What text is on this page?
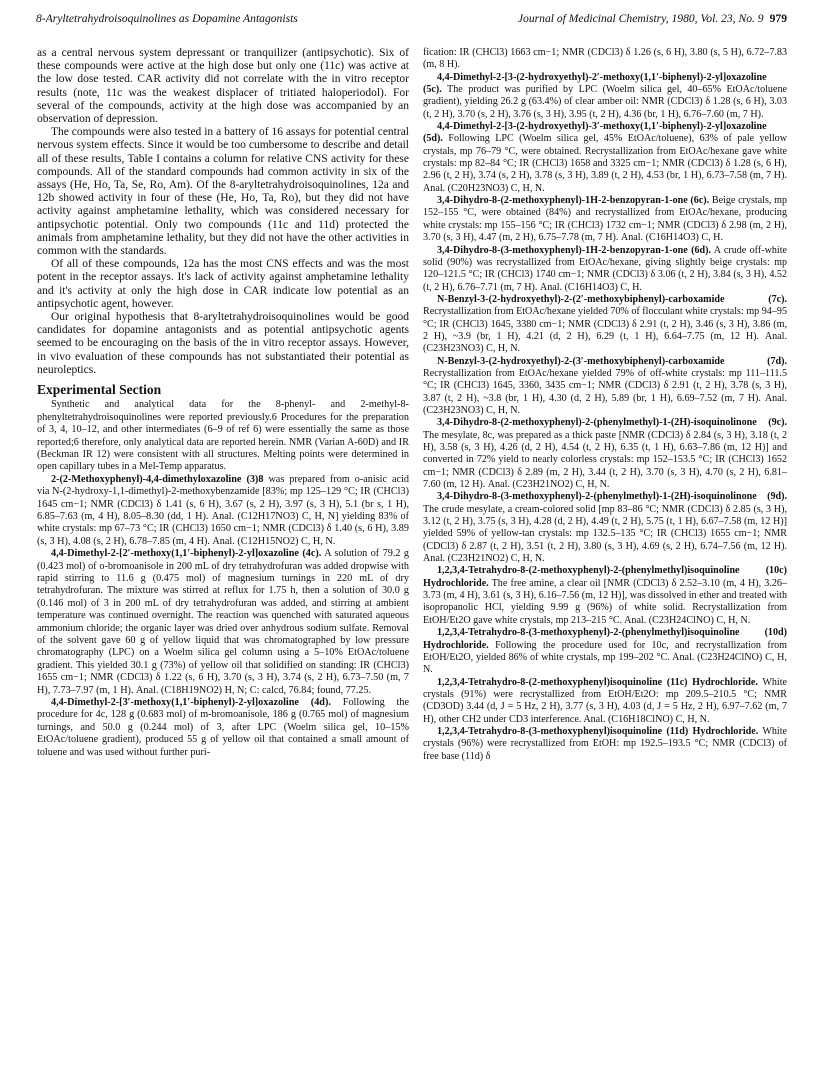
8-Aryltetrahydroisoquinolines as Dopamine Antagonists	Journal of Medicinal Chemistry, 1980, Vol. 23, No. 9 979

as a central nervous system depressant or tranquilizer (antipsychotic). Six of these compounds were active at the high dose but only one (11c) was active at the low dose tested. CAR activity did not correlate with the in vitro receptor results (note, 11c was the weakest displacer of tritiated haloperiodol). For several of the compounds, activity at the high dose was accompanied by an observation of depression.

The compounds were also tested in a battery of 16 assays for potential central nervous system effects. Since it would be too cumbersome to describe and detail all of these results, Table I contains a column for relative CNS activity for these compounds. All of the standard compounds had common activity in six of the assays (He, Ho, Ta, Se, Ro, Am). Of the 8-aryltetrahydroisoquinolines, 12a and 12b showed activity in four of these (He, Ho, Ta, Ro), but they did not have activity against amphetamine lethality, which was considered necessary for antipsychotic potential. Only two compounds (11c and 11d) protected the animals from amphetamine lethality, but they did not have the other activities in common with the standards.

Of all of these compounds, 12a has the most CNS effects and was the most potent in the receptor assays. It's lack of activity against amphetamine lethality and it's activity at only the high dose in CAR indicate low potential as an antipsychotic agent, however.

Our original hypothesis that 8-aryltetrahydroisoquinolines would be good candidates for dopamine antagonists and as potential antipsychotic agents seemed to be encouraging on the basis of the in vitro receptor assays. However, in vivo evaluation of these compounds has not substantiated their potential as neuroleptics.

Experimental Section

Synthetic and analytical data for the 8-phenyl- and 2-methyl-8-phenyltetrahydroisoquinolines were reported previously.6 Procedures for the preparation of 3, 4, 10–12, and other intermediates (6–9 of ref 6) were essentially the same as those reported;6 therefore, only analytical data are reported herein. NMR (Varian A-60D) and IR (Beckman IR 12) were consistent with all structures. Melting points were determined in open capillary tubes in a Mel-Temp apparatus.

2-(2-Methoxyphenyl)-4,4-dimethyloxazoline (3)8 was prepared from o-anisic acid via N-(2-hydroxy-1,1-dimethyl)-2-methoxybenzamide [83%; mp 125–129 °C; IR (CHCl3) 1645 cm−1; NMR (CDCl3) δ 1.41 (s, 6 H), 3.67 (s, 2 H), 3.97 (s, 3 H), 5.1 (br s, 1 H), 6.85–7.63 (m, 4 H), 8.05–8.30 (dd, 1 H). Anal. (C12H17NO3) C, H, N] yielding 83% of white crystals: mp 67–73 °C; IR (CHCl3) 1650 cm−1; NMR (CDCl3) δ 1.40 (s, 6 H), 3.89 (s, 3 H), 4.08 (s, 2 H), 6.78–7.85 (m, 4 H). Anal. (C12H15NO2) C, H, N.

4,4-Dimethyl-2-[2′-methoxy(1,1′-biphenyl)-2-yl]oxazoline (4c). A solution of 79.2 g (0.423 mol) of o-bromoanisole in 200 mL of dry tetrahydrofuran was added dropwise with rapid stirring to 11.6 g (0.475 mol) of magnesium turnings in 220 mL of dry tetrahydrofuran. The mixture was stirred at reflux for 1.75 h, then a solution of 30.0 g (0.146 mol) of 3 in 200 mL of dry tetrahydrofuran was added, and stirring at ambient temperature was continued overnight. The reaction was quenched with saturated aqueous ammonium chloride; the organic layer was dried over anhydrous sodium sulfate. Removal of the solvent gave 60 g of yellow liquid that was chromatographed by low pressure chromatography (LPC) on a Woelm silica gel column using a 5–10% EtOAc/toluene gradient. This yielded 30.1 g (73%) of yellow oil that solidified on standing: IR (CHCl3) 1655 cm−1; NMR (CDCl3) δ 1.22 (s, 6 H), 3.70 (s, 3 H), 3.74 (s, 2 H), 6.73–7.50 (m, 7 H), 7.73–7.97 (m, 1 H). Anal. (C18H19NO2) H, N; C: calcd, 76.84; found, 77.25.

4,4-Dimethyl-2-[3′-methoxy(1,1′-biphenyl)-2-yl]oxazoline (4d). Following the procedure for 4c, 128 g (0.683 mol) of m-bromoanisole, 186 g (0.765 mol) of magnesium turnings, and 50.0 g (0.244 mol) of 3, after LPC (Woelm silica gel, 10–15% EtOAc/toluene gradient), produced 55 g of yellow oil that contained a small amount of toluene and was used without further puri-

fication: IR (CHCl3) 1663 cm−1; NMR (CDCl3) δ 1.26 (s, 6 H), 3.80 (s, 5 H), 6.72–7.83 (m, 8 H).

4,4-Dimethyl-2-[3-(2-hydroxyethyl)-2′-methoxy(1,1′-biphenyl)-2-yl]oxazoline (5c). The product was purified by LPC (Woelm silica gel, 40–65% EtOAc/toluene gradient), yielding 26.2 g (63.4%) of clear amber oil: NMR (CDCl3) δ 1.28 (s, 6 H), 3.03 (t, 2 H), 3.70 (s, 2 H), 3.76 (s, 3 H), 3.95 (t, 2 H), 4.36 (br, 1 H), 6.76–7.60 (m, 7 H).

4,4-Dimethyl-2-[3-(2-hydroxyethyl)-3′-methoxy(1,1′-biphenyl)-2-yl]oxazoline (5d). Following LPC (Woelm silica gel, 45% EtOAc/toluene), 63% of pale yellow crystals, mp 76–79 °C, were obtained. Recrystallization from EtOAc/hexane gave white crystals: mp 82–84 °C; IR (CHCl3) 1658 and 3325 cm−1; NMR (CDCl3) δ 1.28 (s, 6 H), 2.96 (t, 2 H), 3.74 (s, 2 H), 3.78 (s, 3 H), 3.89 (t, 2 H), 4.53 (br, 1 H), 6.73–7.58 (m, 7 H). Anal. (C20H23NO3) C, H, N.

3,4-Dihydro-8-(2-methoxyphenyl)-1H-2-benzopyran-1-one (6c). Beige crystals, mp 152–155 °C, were obtained (84%) and recrystallized from EtOAc/hexane, producing white crystals: mp 155–156 °C; IR (CHCl3) 1732 cm−1; NMR (CDCl3) δ 2.98 (m, 2 H), 3.70 (s, 3 H), 4.47 (m, 2 H), 6.75–7.78 (m, 7 H). Anal. (C16H14O3) C, H.

3,4-Dihydro-8-(3-methoxyphenyl)-1H-2-benzopyran-1-one (6d). A crude off-white solid (90%) was recrystallized from EtOAc/hexane, giving slightly beige crystals: mp 120–121.5 °C; IR (CHCl3) 1740 cm−1; NMR (CDCl3) δ 3.06 (t, 2 H), 3.84 (s, 3 H), 4.52 (t, 2 H), 6.76–7.71 (m, 7 H). Anal. (C16H14O3) C, H.

N-Benzyl-3-(2-hydroxyethyl)-2-(2′-methoxybiphenyl)-carboxamide (7c). Recrystallization from EtOAc/hexane yielded 70% of flocculant white crystals: mp 94–95 °C; IR (CHCl3) 1645, 3380 cm−1; NMR (CDCl3) δ 2.91 (t, 2 H), 3.46 (s, 3 H), 3.86 (m, 2 H), ~3.9 (br, 1 H), 4.21 (d, 2 H), 6.29 (t, 1 H), 6.64–7.75 (m, 12 H). Anal. (C23H23NO3) C, H, N.

N-Benzyl-3-(2-hydroxyethyl)-2-(3′-methoxybiphenyl)-carboxamide (7d). Recrystallization from EtOAc/hexane yielded 79% of off-white crystals: mp 111–111.5 °C; IR (CHCl3) 1645, 3360, 3435 cm−1; NMR (CDCl3) δ 2.91 (t, 2 H), 3.78 (s, 3 H), 3.87 (t, 2 H), ~3.8 (br, 1 H), 4.30 (d, 2 H), 5.89 (br, 1 H), 6.69–7.52 (m, 7 H). Anal. (C23H23NO3) C, H, N.

3,4-Dihydro-8-(2-methoxyphenyl)-2-(phenylmethyl)-1-(2H)-isoquinolinone (9c). The mesylate, 8c, was prepared as a thick paste [NMR (CDCl3) δ 2.84 (s, 3 H), 3.18 (t, 2 H), 3.58 (s, 3 H), 4.26 (d, 2 H), 4.54 (t, 2 H), 6.35 (t, 1 H), 6.63–7.86 (m, 12 H)] and converted in 72% yield to nearly colorless crystals: mp 152–153.5 °C; IR (CHCl3) 1652 cm−1; NMR (CDCl3) δ 2.89 (m, 2 H), 3.44 (t, 2 H), 3.70 (s, 3 H), 4.70 (s, 2 H), 6.81–7.60 (m, 12 H). Anal. (C23H21NO2) C, H, N.

3,4-Dihydro-8-(3-methoxyphenyl)-2-(phenylmethyl)-1-(2H)-isoquinolinone (9d). The crude mesylate, a cream-colored solid [mp 83–86 °C; NMR (CDCl3) δ 2.85 (s, 3 H), 3.12 (t, 2 H), 3.75 (s, 3 H), 4.28 (d, 2 H), 4.49 (t, 2 H), 5.75 (t, 1 H), 6.67–7.58 (m, 12 H)] yielded 59% of yellow-tan crystals: mp 132.5–135 °C; IR (CHCl3) 1655 cm−1; NMR (CDCl3) δ 2.87 (t, 2 H), 3.51 (t, 2 H), 3.80 (s, 3 H), 4.69 (s, 2 H), 6.74–7.56 (m, 12 H). Anal. (C23H21NO2) C, H, N.

1,2,3,4-Tetrahydro-8-(2-methoxyphenyl)-2-(phenylmethyl)isoquinoline (10c) Hydrochloride. The free amine, a clear oil [NMR (CDCl3) δ 2.52–3.10 (m, 4 H), 3.26–3.73 (m, 4 H), 3.61 (s, 3 H), 6.16–7.56 (m, 12 H)], was dissolved in ether and treated with isopropanolic HCl, yielding 9.99 g (96%) of white solid. Recrystallization from EtOH/Et2O gave white crystals, mp 213–215 °C. Anal. (C23H24ClNO) C, H, N.

1,2,3,4-Tetrahydro-8-(3-methoxyphenyl)-2-(phenylmethyl)isoquinoline (10d) Hydrochloride. Following the procedure used for 10c, and recrystallization from EtOH/Et2O, yielded 86% of white crystals, mp 199–202 °C. Anal. (C23H24ClNO) C, H, N.

1,2,3,4-Tetrahydro-8-(2-methoxyphenyl)isoquinoline (11c) Hydrochloride. White crystals (91%) were recrystallized from EtOH/Et2O: mp 209.5–210.5 °C; NMR (CD3OD) 3.44 (d, J = 5 Hz, 2 H), 3.77 (s, 3 H), 4.03 (d, J = 5 Hz, 2 H), 6.97–7.62 (m, 7 H), other CH2 under CD3 interference. Anal. (C16H18ClNO) C, H, N.

1,2,3,4-Tetrahydro-8-(3-methoxyphenyl)isoquinoline (11d) Hydrochloride. White crystals (96%) were recrystallized from EtOH: mp 192.5–193.5 °C; NMR (CDCl3) of free base (11d) δ
